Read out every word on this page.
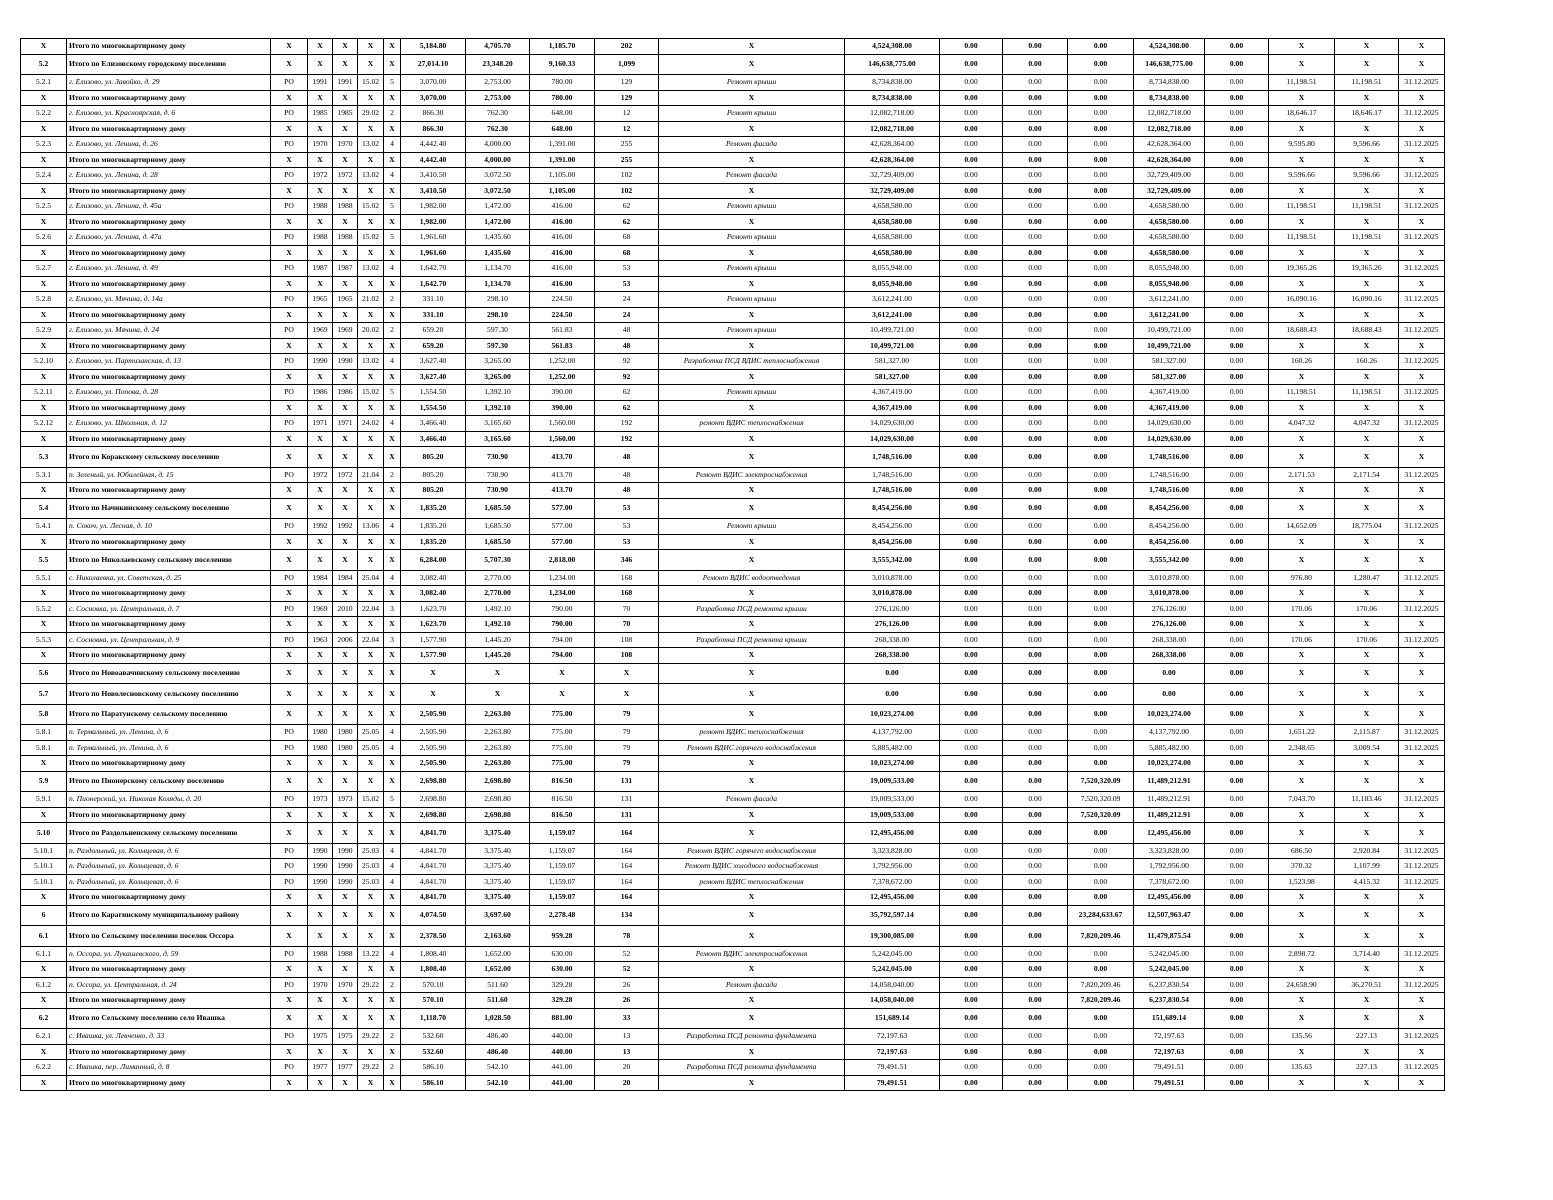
X	Итого по многоквартирному дому	X	X	X	X	X	5,184.80	4,705.70	1,185.70	202	X	4,524,308.00	0.00	0.00	0.00	4,524,308.00	0.00	X	X	X
5.2	Итого по Елизовскому городскому поселению	X	X	X	X	X	27,014.10	23,348.20	9,160.33	1,099	X	146,638,775.00	0.00	0.00	0.00	146,638,775.00	0.00	X	X	X
5.2.1	г. Елизово, ул. Завойко, д. 29	РО	1991	1991	15.02	5	3,070.00	2,753.00	780.00	129	Ремонт крыши	8,734,838.00	0.00	0.00	0.00	8,734,838.00	0.00	11,198.51	11,198.51	31.12.2025
X	Итого по многоквартирному дому	X	X	X	X	X	3,070.00	2,753.00	780.00	129	X	8,734,838.00	0.00	0.00	0.00	8,734,838.00	0.00	X	X	X
5.2.2	г. Елизово, ул. Красноярская, д. 6	РО	1985	1985	29.02	2	866.30	762.30	648.00	12	Ремонт крыши	12,082,718.00	0.00	0.00	0.00	12,082,718.00	0.00	18,646.17	18,646.17	31.12.2025
X	Итого по многоквартирному дому	X	X	X	X	X	866.30	762.30	648.00	12	X	12,082,718.00	0.00	0.00	0.00	12,082,718.00	0.00	X	X	X
5.2.3	г. Елизово, ул. Ленина, д. 26	РО	1970	1970	13.02	4	4,442.40	4,000.00	1,391.00	255	Ремонт фасада	42,628,364.00	0.00	0.00	0.00	42,628,364.00	0.00	9,595.80	9,596.66	31.12.2025
X	Итого по многоквартирному дому	X	X	X	X	X	4,442.40	4,000.00	1,391.00	255	X	42,628,364.00	0.00	0.00	0.00	42,628,364.00	0.00	X	X	X
5.2.4	г. Елизово, ул. Ленина, д. 28	РО	1972	1972	13.02	4	3,410.50	3,072.50	1,105.00	102	Ремонт фасада	32,729,409.00	0.00	0.00	0.00	32,729,409.00	0.00	9,596.66	9,596.66	31.12.2025
X	Итого по многоквартирному дому	X	X	X	X	X	3,410.50	3,072.50	1,105.00	102	X	32,729,409.00	0.00	0.00	0.00	32,729,409.00	0.00	X	X	X
5.2.5	г. Елизово, ул. Ленина, д. 45а	РО	1988	1988	15.02	5	1,982.00	1,472.00	416.00	62	Ремонт крыши	4,658,580.00	0.00	0.00	0.00	4,658,580.00	0.00	11,198.51	11,198.51	31.12.2025
X	Итого по многоквартирному дому	X	X	X	X	X	1,982.00	1,472.00	416.00	62	X	4,658,580.00	0.00	0.00	0.00	4,658,580.00	0.00	X	X	X
5.2.6	г. Елизово, ул. Ленина, д. 47а	РО	1988	1988	15.02	5	1,961.60	1,435.60	416.00	68	Ремонт крыши	4,658,580.00	0.00	0.00	0.00	4,658,580.00	0.00	11,198.51	11,198.51	31.12.2025
X	Итого по многоквартирному дому	X	X	X	X	X	1,961.60	1,435.60	416.00	68	X	4,658,580.00	0.00	0.00	0.00	4,658,580.00	0.00	X	X	X
5.2.7	г. Елизово, ул. Ленина, д. 49	РО	1987	1987	13.02	4	1,642.70	1,134.70	416.00	53	Ремонт крыши	8,055,948.00	0.00	0.00	0.00	8,055,948.00	0.00	19,365.26	19,365.26	31.12.2025
X	Итого по многоквартирному дому	X	X	X	X	X	1,642.70	1,134.70	416.00	53	X	8,055,948.00	0.00	0.00	0.00	8,055,948.00	0.00	X	X	X
5.2.8	г. Елизово, ул. Мячина, д. 14а	РО	1965	1965	21.02	2	331.10	298.10	224.50	24	Ремонт крыши	3,612,241.00	0.00	0.00	0.00	3,612,241.00	0.00	16,090.16	16,090.16	31.12.2025
X	Итого по многоквартирному дому	X	X	X	X	X	331.10	298.10	224.50	24	X	3,612,241.00	0.00	0.00	0.00	3,612,241.00	0.00	X	X	X
5.2.9	г. Елизово, ул. Мячина, д. 24	РО	1969	1969	20.02	2	659.20	597.30	561.83	48	Ремонт крыши	10,499,721.00	0.00	0.00	0.00	10,499,721.00	0.00	18,688.43	18,688.43	31.12.2025
X	Итого по многоквартирному дому	X	X	X	X	X	659.20	597.30	561.83	48	X	10,499,721.00	0.00	0.00	0.00	10,499,721.00	0.00	X	X	X
5.2.10	г. Елизово, ул. Партизанская, д. 13	РО	1990	1990	13.02	4	3,627.40	3,265.00	1,252.00	92	Разработка ПСД ВДИС теплоснабжения	581,327.00	0.00	0.00	0.00	581,327.00	0.00	160.26	160.26	31.12.2025
X	Итого по многоквартирному дому	X	X	X	X	X	3,627.40	3,265.00	1,252.00	92	X	581,327.00	0.00	0.00	0.00	581,327.00	0.00	X	X	X
5.2.11	г. Елизово, ул. Попова, д. 28	РО	1986	1986	15.02	5	1,554.50	1,392.10	390.00	62	Ремонт крыши	4,367,419.00	0.00	0.00	0.00	4,367,419.00	0.00	11,198.51	11,198.51	31.12.2025
X	Итого по многоквартирному дому	X	X	X	X	X	1,554.50	1,392.10	390.00	62	X	4,367,419.00	0.00	0.00	0.00	4,367,419.00	0.00	X	X	X
5.2.12	г. Елизово, ул. Школьная, д. 12	РО	1971	1971	24.02	4	3,466.40	3,165.60	1,560.00	192	ремонт ВДИС теплоснабжения	14,029,630.00	0.00	0.00	0.00	14,029,630.00	0.00	4,047.32	4,047.32	31.12.2025
X	Итого по многоквартирному дому	X	X	X	X	X	3,466.40	3,165.60	1,560.00	192	X	14,029,630.00	0.00	0.00	0.00	14,029,630.00	0.00	X	X	X
5.3	Итого по Коракскому сельскому поселению	X	X	X	X	X	805.20	730.90	413.70	48	X	1,748,516.00	0.00	0.00	0.00	1,748,516.00	0.00	X	X	X
5.3.1	п. Зеленый, ул. Юбилейная, д. 15	РО	1972	1972	21.04	2	805.20	730.90	413.70	48	Ремонт ВДИС электроснабжения	1,748,516.00	0.00	0.00	0.00	1,748,516.00	0.00	2,171.53	2,171.54	31.12.2025
X	Итого по многоквартирному дому	X	X	X	X	X	805.20	730.90	413.70	48	X	1,748,516.00	0.00	0.00	0.00	1,748,516.00	0.00	X	X	X
5.4	Итого по Начикинскому сельскому поселению	X	X	X	X	X	1,835.20	1,685.50	577.00	53	X	8,454,256.00	0.00	0.00	0.00	8,454,256.00	0.00	X	X	X
5.4.1	п. Сокоч, ул. Лесная, д. 10	РО	1992	1992	13.06	4	1,835.20	1,685.50	577.00	53	Ремонт крыши	8,454,256.00	0.00	0.00	0.00	8,454,256.00	0.00	14,652.09	18,775.04	31.12.2025
X	Итого по многоквартирному дому	X	X	X	X	X	1,835.20	1,685.50	577.00	53	X	8,454,256.00	0.00	0.00	0.00	8,454,256.00	0.00	X	X	X
5.5	Итого по Николаевскому сельскому поселению	X	X	X	X	X	6,284.00	5,707.30	2,818.00	346	X	3,555,342.00	0.00	0.00	0.00	3,555,342.00	0.00	X	X	X
5.5.1	с. Николаевка, ул. Советская, д. 25	РО	1984	1984	25.04	4	3,082.40	2,770.00	1,234.00	168	Ремонт ВДИС водоотведения	3,010,878.00	0.00	0.00	0.00	3,010,878.00	0.00	976.80	1,280.47	31.12.2025
X	Итого по многоквартирному дому	X	X	X	X	X	3,082.40	2,770.00	1,234.00	168	X	3,010,878.00	0.00	0.00	0.00	3,010,878.00	0.00	X	X	X
5.5.2	с. Сосновка, ул. Центральная, д. 7	РО	1969	2010	22.04	3	1,623.70	1,492.10	790.00	70	Разработка ПСД ремонта крыши	276,126.00	0.00	0.00	0.00	276,126.00	0.00	170.06	170.06	31.12.2025
X	Итого по многоквартирному дому	X	X	X	X	X	1,623.70	1,492.10	790.00	70	X	276,126.00	0.00	0.00	0.00	276,126.00	0.00	X	X	X
5.5.3	с. Сосновка, ул. Центральная, д. 9	РО	1963	2006	22.04	3	1,577.90	1,445.20	794.00	108	Разработка ПСД ремонта крыши	268,338.00	0.00	0.00	0.00	268,338.00	0.00	170.06	170.06	31.12.2025
X	Итого по многоквартирному дому	X	X	X	X	X	1,577.90	1,445.20	794.00	108	X	268,338.00	0.00	0.00	0.00	268,338.00	0.00	X	X	X
5.6	Итого по Новоавачинскому сельскому поселению	X	X	X	X	X	X	X	X	X	X	0.00	0.00	0.00	0.00	0.00	0.00	X	X	X
5.7	Итого по Новолесновскому сельскому поселению	X	X	X	X	X	X	X	X	X	X	0.00	0.00	0.00	0.00	0.00	0.00	X	X	X
5.8	Итого по Паратунскому сельскому поселению	X	X	X	X	X	2,505.90	2,263.80	775.00	79	X	10,023,274.00	0.00	0.00	0.00	10,023,274.00	0.00	X	X	X
5.8.1	п. Термальный, ул. Ленина, д. 6	РО	1980	1980	25.05	4	2,505.90	2,263.80	775.00	79	ремонт ВДИС теплоснабжения	4,137,792.00	0.00	0.00	0.00	4,137,792.00	0.00	1,651.22	2,115.87	31.12.2025
5.8.1	п. Термальный, ул. Ленина, д. 6	РО	1980	1980	25.05	4	2,505.90	2,263.80	775.00	79	Ремонт ВДИС горячего водоснабжения	5,885,482.00	0.00	0.00	0.00	5,885,482.00	0.00	2,348.65	3,009.54	31.12.2025
X	Итого по многоквартирному дому	X	X	X	X	X	2,505.90	2,263.80	775.00	79	X	10,023,274.00	0.00	0.00	0.00	10,023,274.00	0.00	X	X	X
5.9	Итого по Пионерскому сельскому поселению	X	X	X	X	X	2,698.80	2,698.80	816.50	131	X	19,009,533.00	0.00	0.00	7,520,320.09	11,489,212.91	0.00	X	X	X
5.9.1	п. Пионерский, ул. Николая Коляды, д. 20	РО	1973	1973	15.02	5	2,698.80	2,698.80	816.50	131	Ремонт фасада	19,009,533.00	0.00	0.00	7,520,320.09	11,489,212.91	0.00	7,043.70	11,183.46	31.12.2025
X	Итого по многоквартирному дому	X	X	X	X	X	2,698.80	2,698.80	816.50	131	X	19,009,533.00	0.00	0.00	7,520,320.09	11,489,212.91	0.00	X	X	X
5.10	Итого по Раздольненскому сельскому поселению	X	X	X	X	X	4,841.70	3,375.40	1,159.07	164	X	12,495,456.00	0.00	0.00	0.00	12,495,456.00	0.00	X	X	X
5.10.1	п. Раздольный, ул. Колыцевая, д. 6	РО	1990	1990	25.03	4	4,841.70	3,375.40	1,159.07	164	Ремонт ВДИС горячего водоснабжения	3,323,828.00	0.00	0.00	0.00	3,323,828.00	0.00	686.50	2,920.84	31.12.2025
5.10.1	п. Раздольный, ул. Колыцевая, д. 6	РО	1990	1990	25.03	4	4,841.70	3,375.40	1,159.07	164	Ремонт ВДИС холодного водоснабжения	1,792,956.00	0.00	0.00	0.00	1,792,956.00	0.00	370.32	1,107.99	31.12.2025
5.10.1	п. Раздольный, ул. Колыцевая, д. 6	РО	1990	1990	25.03	4	4,841.70	3,375.40	1,159.07	164	ремонт ВДИС теплоснабжения	7,378,672.00	0.00	0.00	0.00	7,378,672.00	0.00	1,523.98	4,415.32	31.12.2025
X	Итого по многоквартирному дому	X	X	X	X	X	4,841.70	3,375.40	1,159.07	164	X	12,495,456.00	0.00	0.00	0.00	12,495,456.00	0.00	X	X	X
6	Итого по Карагинскому муниципальному району	X	X	X	X	X	4,074.50	3,697.60	2,278.48	134	X	35,792,597.14	0.00	0.00	23,284,633.67	12,507,963.47	0.00	X	X	X
6.1	Итого по Сельскому поселению поселок Оссора	X	X	X	X	X	2,378.50	2,163.60	959.28	78	X	19,300,085.00	0.00	0.00	7,820,209.46	11,479,875.54	0.00	X	X	X
6.1.1	п. Оссора, ул. Лукашевского, д. 59	РО	1988	1988	13.22	4	1,808.40	1,652.00	630.00	52	Ремонт ВДИС электроснабжения	5,242,045.00	0.00	0.00	0.00	5,242,045.00	0.00	2,898.72	3,714.40	31.12.2025
X	Итого по многоквартирному дому	X	X	X	X	X	1,808.40	1,652.00	630.00	52	X	5,242,045.00	0.00	0.00	0.00	5,242,045.00	0.00	X	X	X
6.1.2	п. Оссора, ул. Центральная, д. 24	РО	1970	1970	29.22	2	570.10	511.60	329.28	26	Ремонт фасада	14,058,040.00	0.00	0.00	7,820,209.46	6,237,830.54	0.00	24,658.90	36,270.51	31.12.2025
X	Итого по многоквартирному дому	X	X	X	X	X	570.10	511.60	329.28	26	X	14,058,040.00	0.00	0.00	7,820,209.46	6,237,830.54	0.00	X	X	X
6.2	Итого по Сельскому поселению село Ивашка	X	X	X	X	X	1,118.70	1,028.50	881.00	33	X	151,689.14	0.00	0.00	0.00	151,689.14	0.00	X	X	X
6.2.1	с. Ивашка, ул. Левченко, д. 33	РО	1975	1975	29.22	2	532.60	486.40	440.00	13	Разработка ПСД ремонта фундамента	72,197.63	0.00	0.00	0.00	72,197.63	0.00	135.56	227.13	31.12.2025
X	Итого по многоквартирному дому	X	X	X	X	X	532.60	486.40	440.00	13	X	72,197.63	0.00	0.00	0.00	72,197.63	0.00	X	X	X
6.2.2	с. Ивашка, пер. Лиманный, д. 8	РО	1977	1977	29.22	2	586.10	542.10	441.00	20	Разработка ПСД ремонта фундамента	79,491.51	0.00	0.00	0.00	79,491.51	0.00	135.63	227.13	31.12.2025
X	Итого по многоквартирному дому	X	X	X	X	X	586.10	542.10	441.00	20	X	79,491.51	0.00	0.00	0.00	79,491.51	0.00	X	X	X
